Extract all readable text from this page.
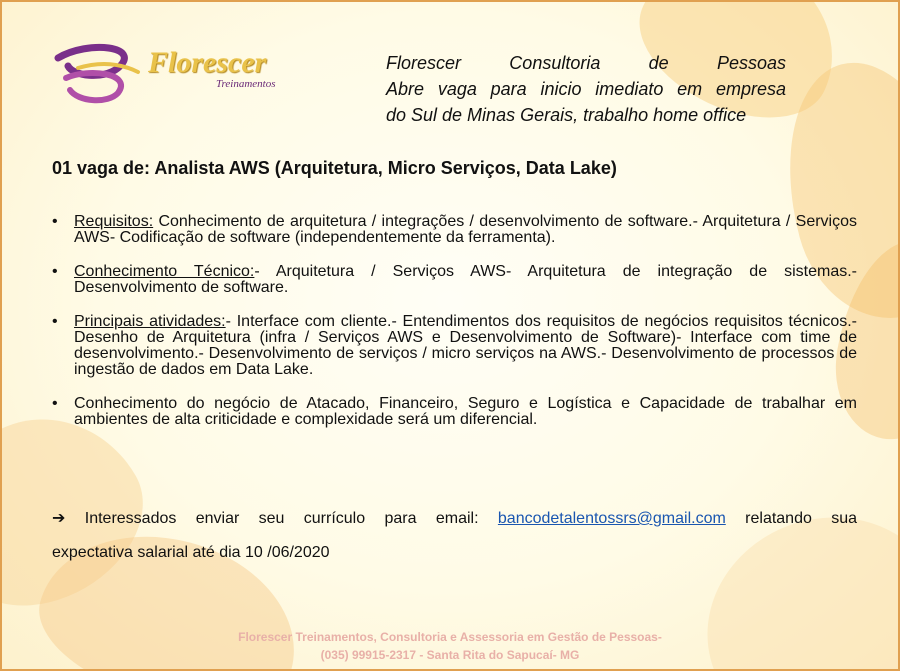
Florescer
Treinamentos
Florescer Consultoria de Pessoas
Abre vaga para inicio imediato em empresa
do Sul de Minas Gerais, trabalho home office
01 vaga de: Analista AWS (Arquitetura, Micro Serviços, Data Lake)
• Requisitos: Conhecimento de arquitetura / integrações / desenvolvimento de software.- Arquitetura / Serviços AWS- Codificação de software (independentemente da ferramenta).
• Conhecimento Técnico:- Arquitetura / Serviços AWS- Arquitetura de integração de sistemas.- Desenvolvimento de software.
• Principais atividades:- Interface com cliente.- Entendimentos dos requisitos de negócios requisitos técnicos.- Desenho de Arquitetura (infra / Serviços AWS e Desenvolvimento de Software)- Interface com time de desenvolvimento.- Desenvolvimento de serviços / micro serviços na AWS.- Desenvolvimento de processos de ingestão de dados em Data Lake.
• Conhecimento do negócio de Atacado, Financeiro, Seguro e Logística e Capacidade de trabalhar em ambientes de alta criticidade e complexidade será um diferencial.
➔ Interessados enviar seu currículo para email: bancodetalentossrs@gmail.com relatando sua
expectativa salarial até dia 10 /06/2020
Florescer Treinamentos, Consultoria e Assessoria em Gestão de Pessoas-
(035) 99915-2317 - Santa Rita do Sapucaí- MG
